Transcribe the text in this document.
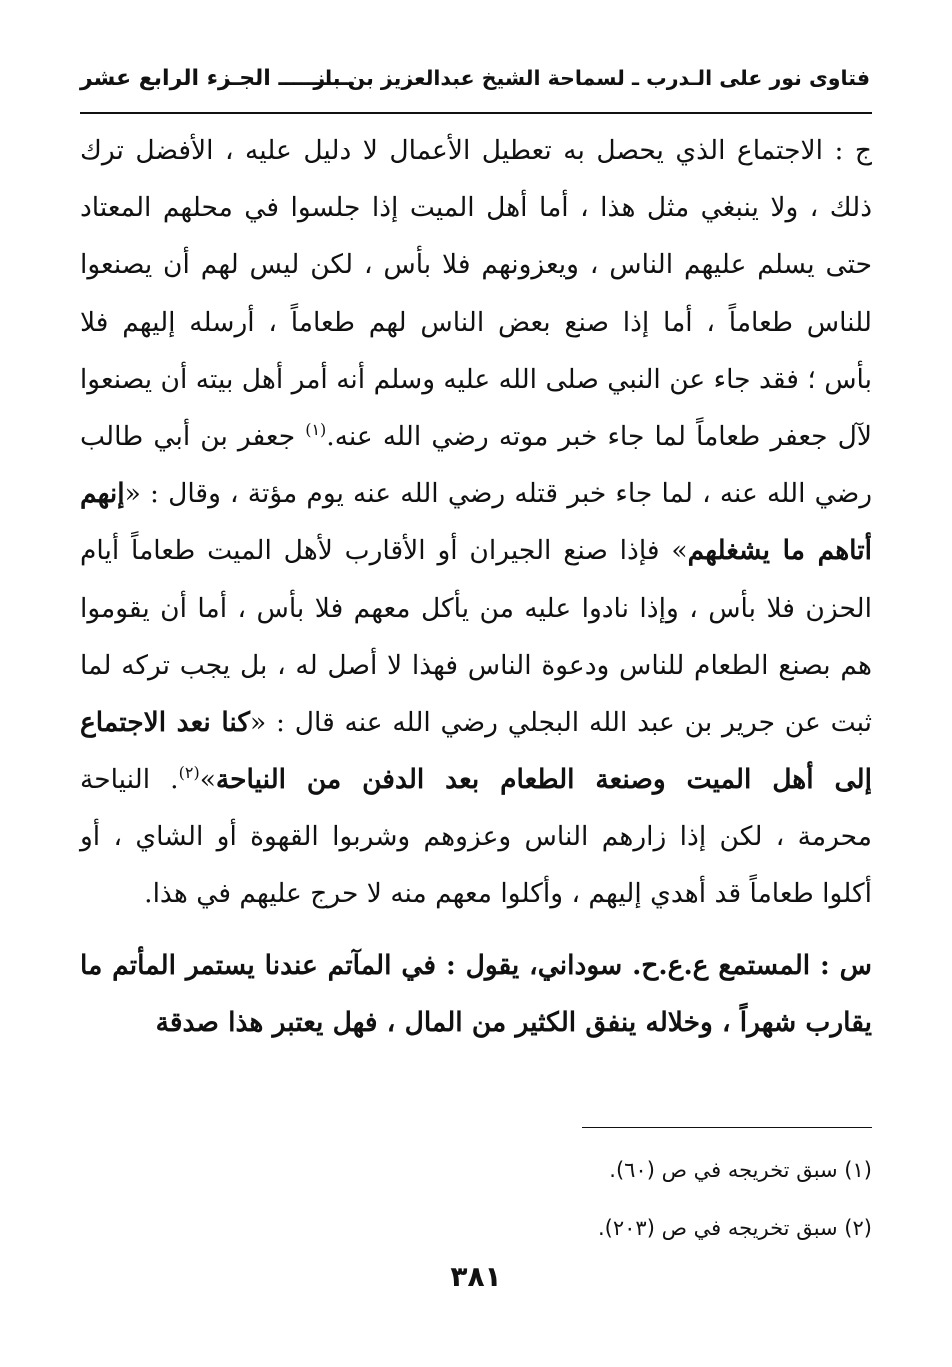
فتاوى نور على الـدرب ـ لسماحة الشيخ عبدالعزيز بن باز
ــــــــــ الجـزء الرابع عشر
ج : الاجتماع الذي يحصل به تعطيل الأعمال لا دليل عليه ، الأفضل ترك
ذلك ، ولا ينبغي مثل هذا ، أما أهل الميت إذا جلسوا في محلهم المعتاد
حتى يسلم عليهم الناس ، ويعزونهم فلا بأس ، لكن ليس لهم أن يصنعوا
للناس طعاماً ، أما إذا صنع بعض الناس لهم طعاماً ، أرسله إليهم فلا
بأس ؛ فقد جاء عن النبي صلى الله عليه وسلم أنه أمر أهل بيته أن يصنعوا
لآل جعفر طعاماً لما جاء خبر موته رضي الله عنه.$^{(١)}$ جعفر بن أبي طالب
رضي الله عنه ، لما جاء خبر قتله رضي الله عنه يوم مؤتة ، وقال : «إنهم
أتاهم ما يشغلهم» فإذا صنع الجيران أو الأقارب لأهل الميت طعاماً أيام
الحزن فلا بأس ، وإذا نادوا عليه من يأكل معهم فلا بأس ، أما أن يقوموا
هم بصنع الطعام للناس ودعوة الناس فهذا لا أصل له ، بل يجب تركه لما
ثبت عن جرير بن عبد الله البجلي رضي الله عنه قال : «كنا نعد الاجتماع
إلى أهل الميت وصنعة الطعام بعد الدفن من النياحة»$^{(٢)}$. النياحة
محرمة ، لكن إذا زارهم الناس وعزوهم وشربوا القهوة أو الشاي ، أو
أكلوا طعاماً قد أهدي إليهم ، وأكلوا معهم منه لا حرج عليهم في هذا.
س : المستمع ع.ع.ح. سوداني، يقول : في المآتم عندنا يستمر المأتم ما
يقارب شهراً ، وخلاله ينفق الكثير من المال ، فهل يعتبر هذا صدقة
(١) سبق تخريجه في ص (٦٠).
(٢) سبق تخريجه في ص (٢٠٣).
٣٨١
